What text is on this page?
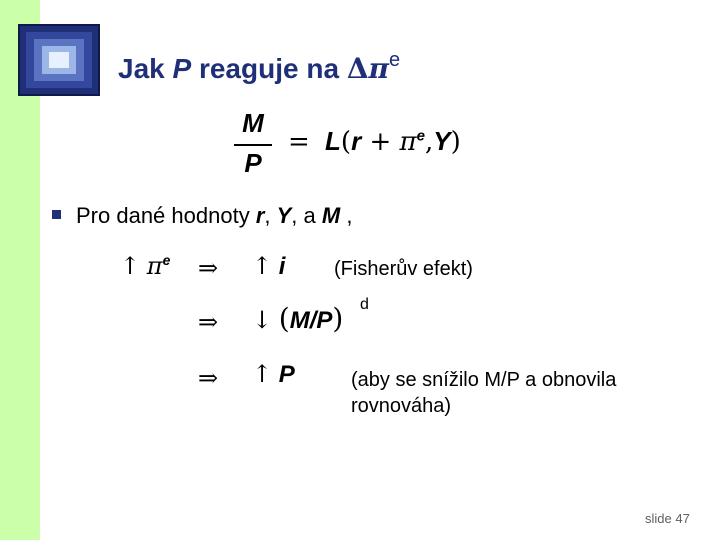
Jak P reaguje na $\Delta\pi^e$
M
P
= $L(r + \pi^e,Y)$
Pro dané hodnoty r, Y, a M ,
↑ $\pi^e$ ⇒ ↑ i (Fisherův efekt)
⇒ ↓ (M/P) d
⇒ ↑ P	(aby se snížilo M/P a obnovila
rovnováha)
slide 47
